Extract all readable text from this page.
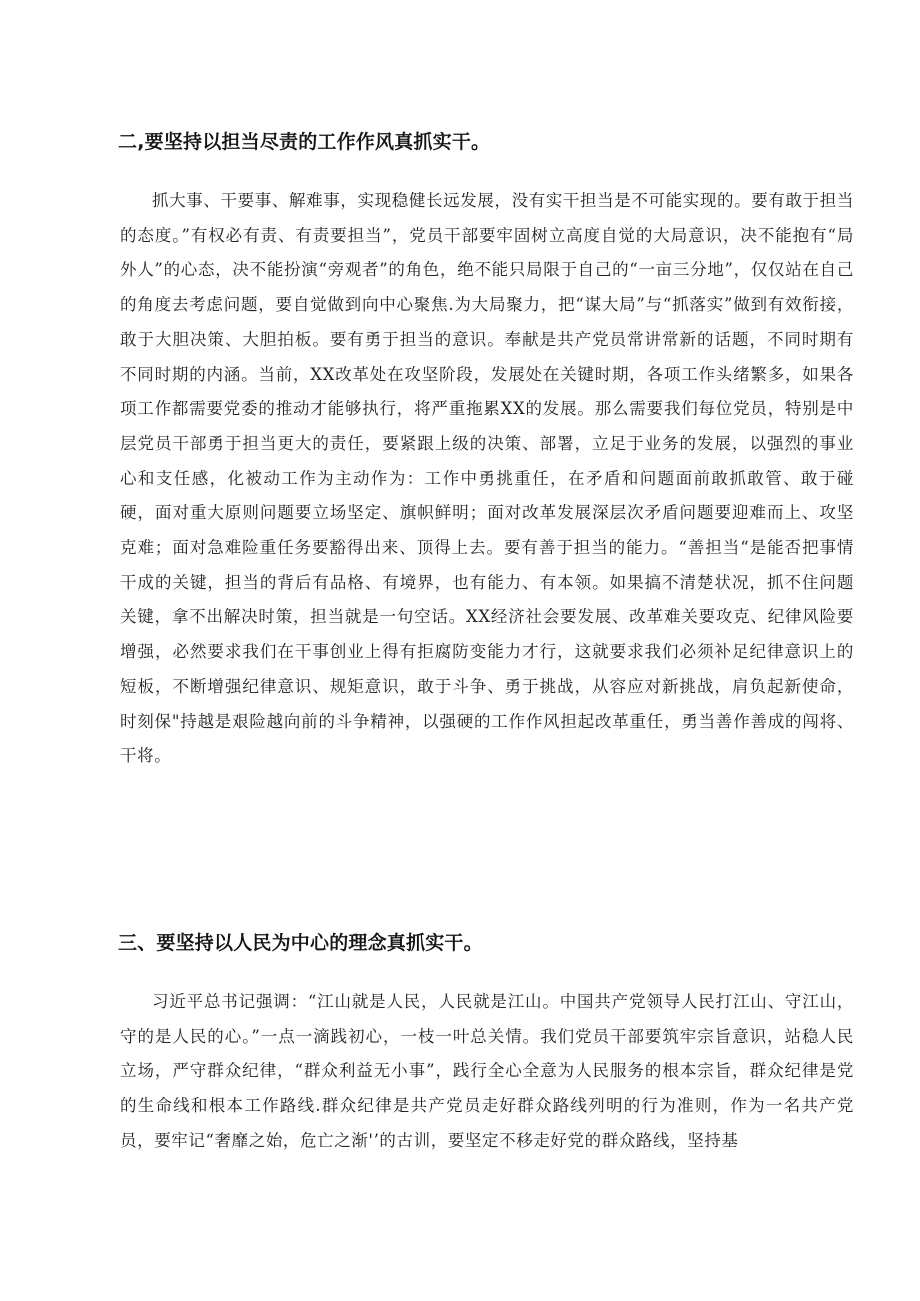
二,要坚持以担当尽责的工作作风真抓实干。

抓大事、干要事、解难事，实现稳健长远发展，没有实干担当是不可能实现的。要有敢于担当的态度。”有权必有责、有责要担当”，党员干部要牢固树立高度自觉的大局意识，决不能抱有“局外人”的心态，决不能扮演“旁观者”的角色，绝不能只局限于自己的“一亩三分地”，仅仅站在自己的角度去考虑问题，要自觉做到向中心聚焦.为大局聚力，把“谋大局”与“抓落实”做到有效衔接，敢于大胆决策、大胆拍板。要有勇于担当的意识。奉献是共产党员常讲常新的话题，不同时期有不同时期的内涵。当前，XX改革处在攻坚阶段，发展处在关键时期，各项工作头绪繁多，如果各项工作都需要党委的推动才能够执行，将严重拖累XX的发展。那么需要我们每位党员，特别是中层党员干部勇于担当更大的责任，要紧跟上级的决策、部署，立足于业务的发展，以强烈的事业心和支任感，化被动工作为主动作为：工作中勇挑重任，在矛盾和问题面前敢抓敢管、敢于碰硬，面对重大原则问题要立场坚定、旗帜鲜明；面对改革发展深层次矛盾问题要迎难而上、攻坚克难；面对急难险重任务要豁得出来、顶得上去。要有善于担当的能力。“善担当“是能否把事情干成的关键，担当的背后有品格、有境界，也有能力、有本领。如果搞不清楚状况，抓不住问题关键，拿不出解决时策，担当就是一句空话。XX经济社会要发展、改革难关要攻克、纪律风险要增强，必然要求我们在干事创业上得有拒腐防变能力才行，这就要求我们必须补足纪律意识上的短板，不断增强纪律意识、规矩意识，敢于斗争、勇于挑战，从容应对新挑战，肩负起新使命，时刻保"持越是艰险越向前的斗争精神，以强硬的工作作风担起改革重任，勇当善作善成的闯将、干将。

三、要坚持以人民为中心的理念真抓实干。

习近平总书记强调：“江山就是人民，人民就是江山。中国共产党领导人民打江山、守江山，守的是人民的心。”一点一滴践初心，一枝一叶总关情。我们党员干部要筑牢宗旨意识，站稳人民立场，严守群众纪律，“群众利益无小事”，践行全心全意为人民服务的根本宗旨，群众纪律是党的生命线和根本工作路线.群众纪律是共产党员走好群众路线列明的行为准则，作为一名共产党员，要牢记“奢靡之始，危亡之渐'’的古训，要坚定不移走好党的群众路线，坚持基
